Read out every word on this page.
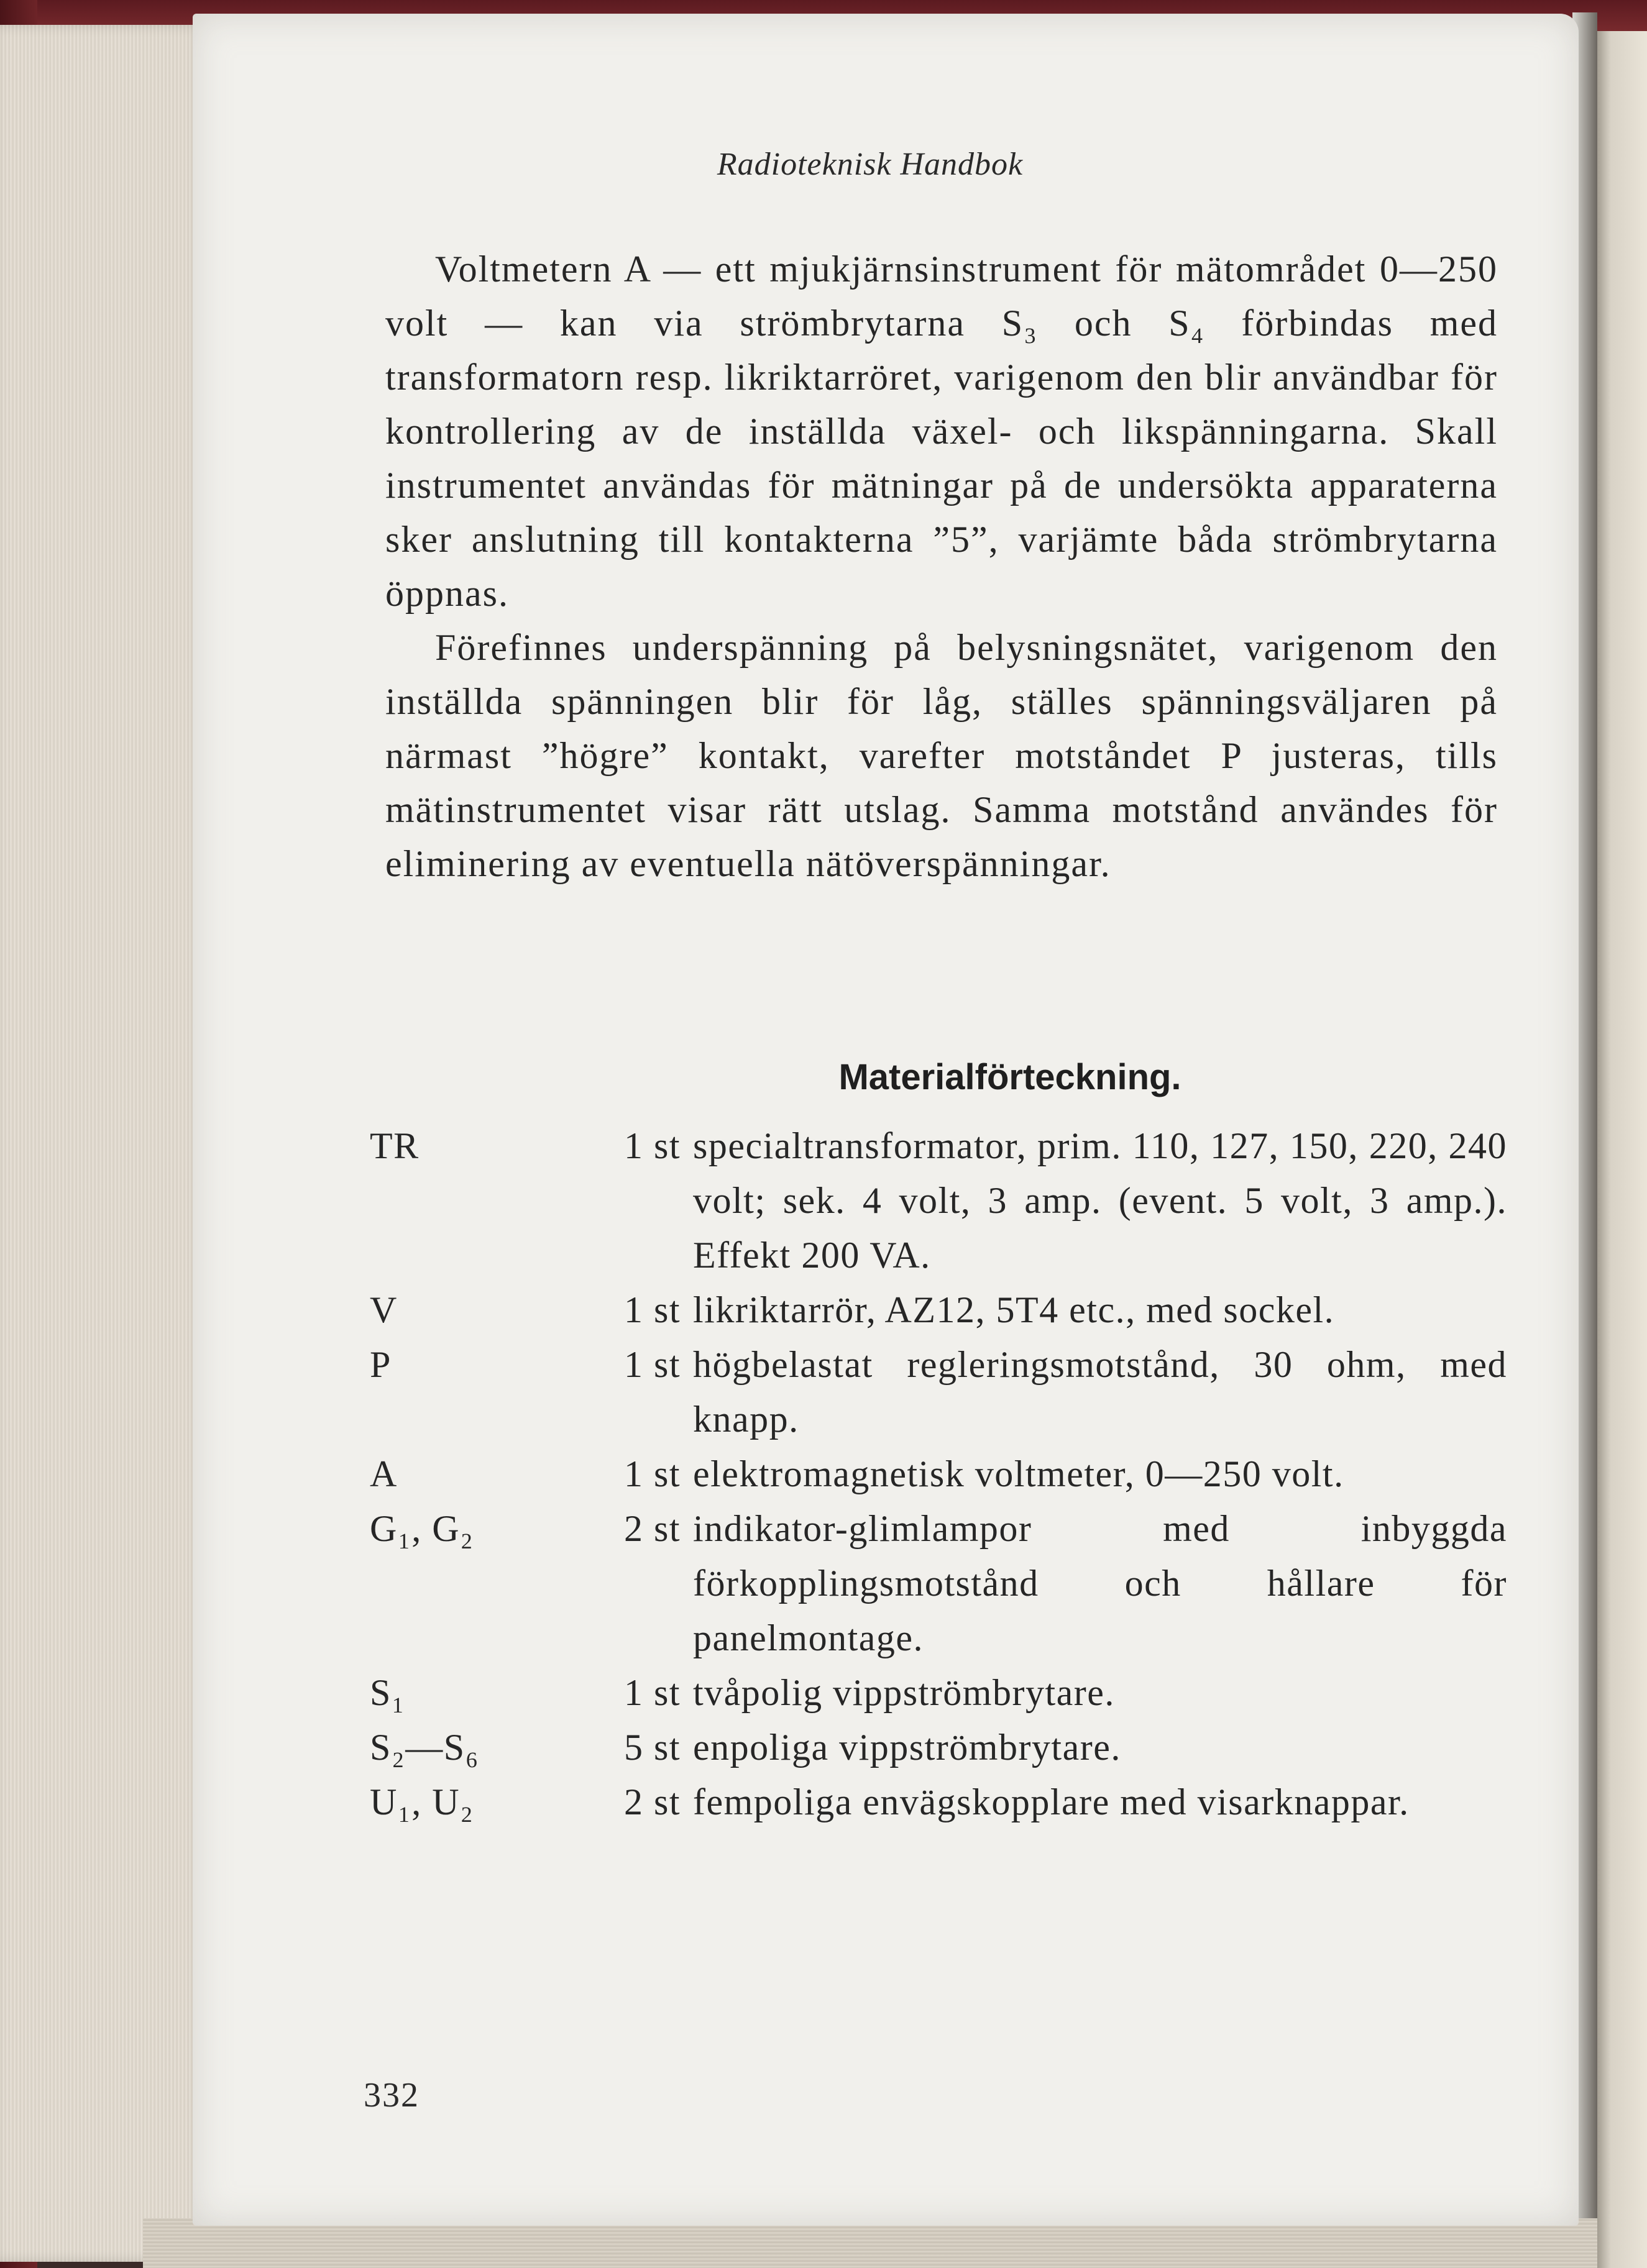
Radioteknisk Handbok

Voltmetern A — ett mjukjärnsinstrument för mätområdet 0—250 volt — kan via strömbrytarna S₃ och S₄ förbindas med transformatorn resp. likriktarröret, varigenom den blir användbar för kontrollering av de inställda växel- och likspänningarna. Skall instrumentet användas för mätningar på de undersökta apparaterna sker anslutning till kontakterna ”5”, varjämte båda strömbrytarna öppnas.

Förefinnes underspänning på belysningsnätet, varigenom den inställda spänningen blir för låg, ställes spänningsväljaren på närmast ”högre” kontakt, varefter motståndet P justeras, tills mätinstrumentet visar rätt utslag. Samma motstånd användes för eliminering av eventuella nätöverspänningar.

Materialförteckning.
TR	1 st specialtransformator, prim. 110, 127, 150, 220, 240 volt; sek. 4 volt, 3 amp. (event. 5 volt, 3 amp.). Effekt 200 VA.
V	1 st likriktarrör, AZ12, 5T4 etc., med sockel.
P	1 st högbelastat regleringsmotstånd, 30 ohm, med knapp.
A	1 st elektromagnetisk voltmeter, 0—250 volt.
G₁, G₂	2 st indikator-glimlampor med inbyggda förkopplingsmotstånd och hållare för panelmontage.
S₁	1 st tvåpolig vippströmbrytare.
S₂—S₆	5 st enpoliga vippströmbrytare.
U₁, U₂	2 st fempoliga envägskopplare med visarknappar.
332
